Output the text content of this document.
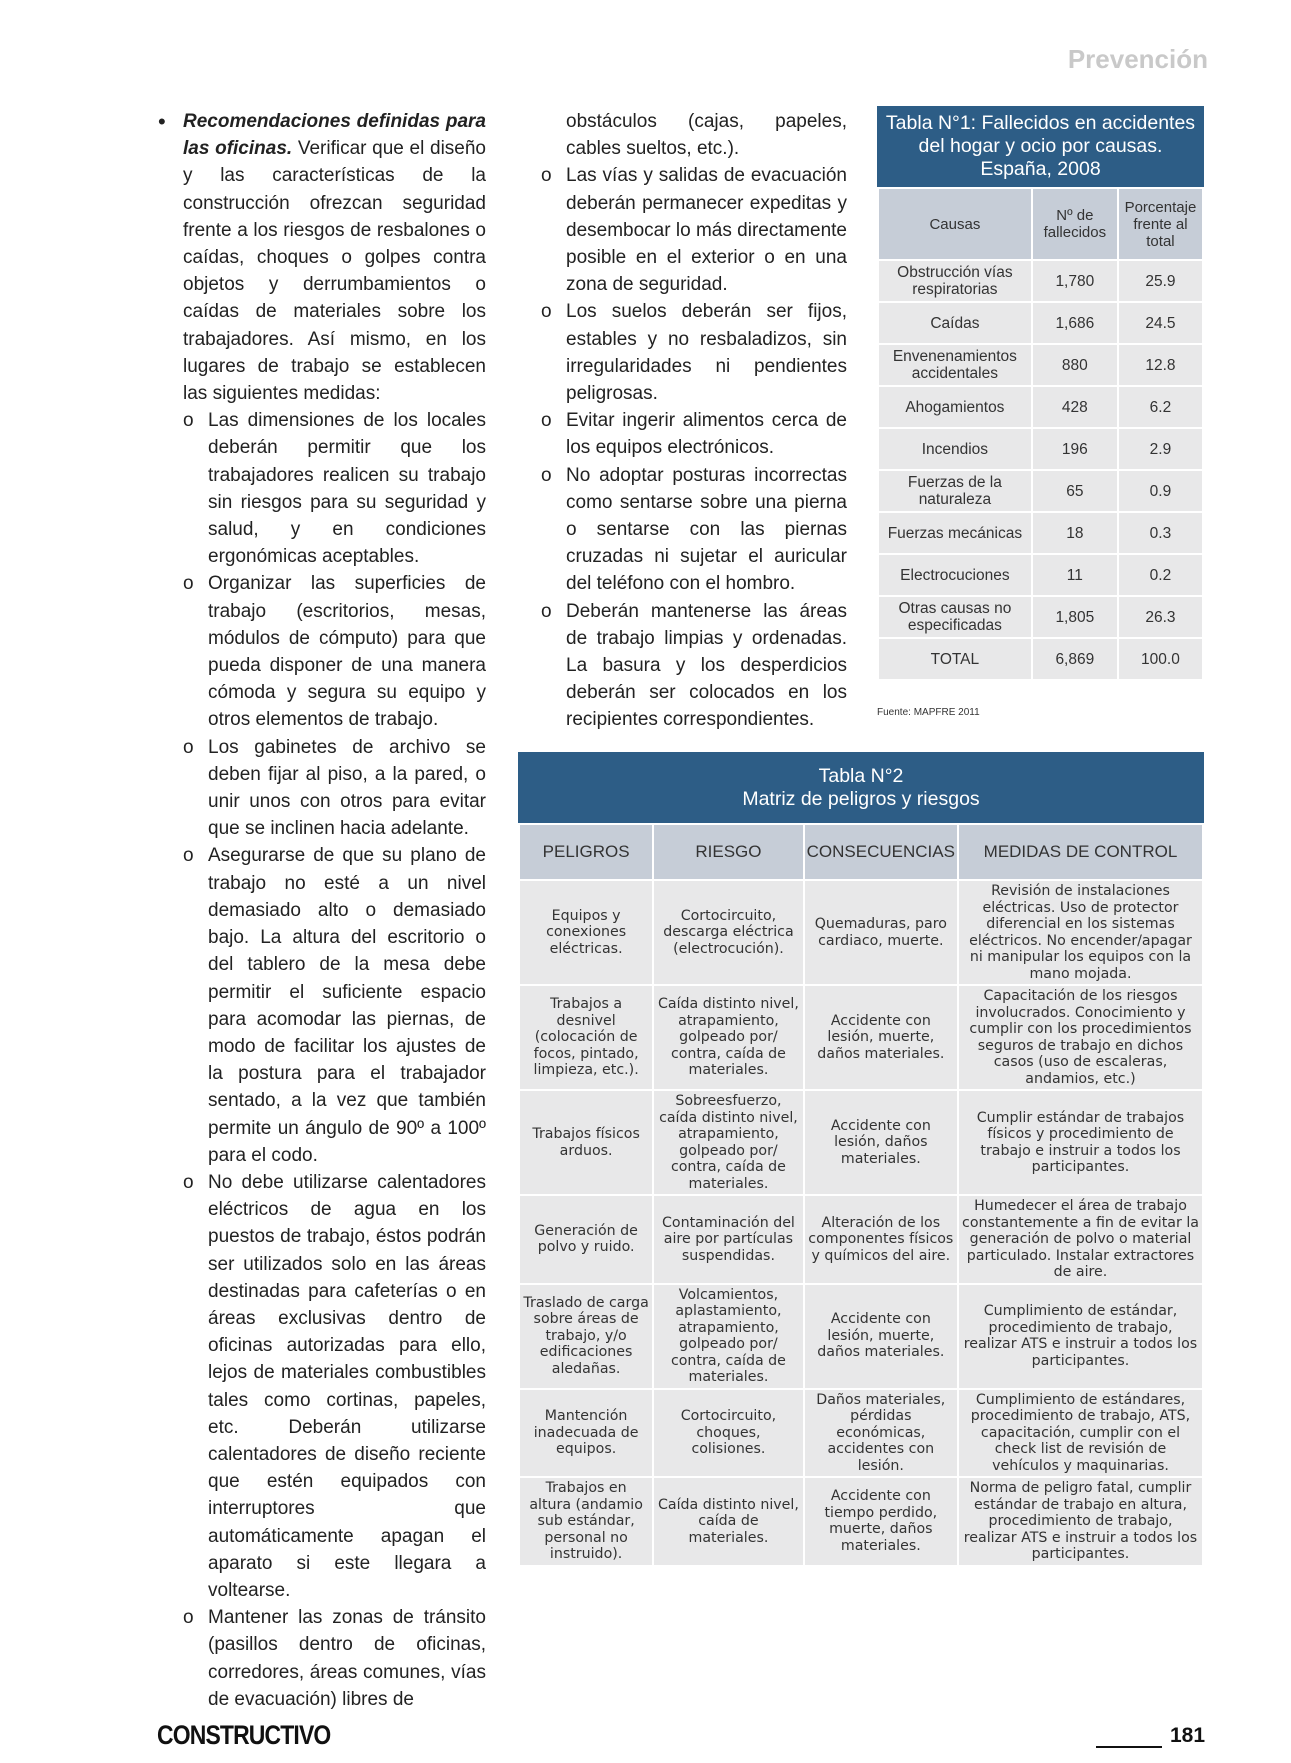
Prevención
• Recomendaciones definidas para las oficinas. Verificar que el diseño y las características de la construcción ofrezcan seguridad frente a los riesgos de resbalones o caídas, choques o golpes contra objetos y derrumbamientos o caídas de materiales sobre los trabajadores. Así mismo, en los lugares de trabajo se establecen las siguientes medidas:
o Las dimensiones de los locales deberán permitir que los trabajadores realicen su trabajo sin riesgos para su seguridad y salud, y en condiciones ergonómicas aceptables.
o Organizar las superficies de trabajo (escritorios, mesas, módulos de cómputo) para que pueda disponer de una manera cómoda y segura su equipo y otros elementos de trabajo.
o Los gabinetes de archivo se deben fijar al piso, a la pared, o unir unos con otros para evitar que se inclinen hacia adelante.
o Asegurarse de que su plano de trabajo no esté a un nivel demasiado alto o demasiado bajo. La altura del escritorio o del tablero de la mesa debe permitir el suficiente espacio para acomodar las piernas, de modo de facilitar los ajustes de la postura para el trabajador sentado, a la vez que también permite un ángulo de 90º a 100º para el codo.
o No debe utilizarse calentadores eléctricos de agua en los puestos de trabajo, éstos podrán ser utilizados solo en las áreas destinadas para cafeterías o en áreas exclusivas dentro de oficinas autorizadas para ello, lejos de materiales combustibles tales como cortinas, papeles, etc. Deberán utilizarse calentadores de diseño reciente que estén equipados con interruptores que automáticamente apagan el aparato si este llegara a voltearse.
o Mantener las zonas de tránsito (pasillos dentro de oficinas, corredores, áreas comunes, vías de evacuación) libres de
obstáculos (cajas, papeles, cables sueltos, etc.).
o Las vías y salidas de evacuación deberán permanecer expeditas y desembocar lo más directamente posible en el exterior o en una zona de seguridad.
o Los suelos deberán ser fijos, estables y no resbaladizos, sin irregularidades ni pendientes peligrosas.
o Evitar ingerir alimentos cerca de los equipos electrónicos.
o No adoptar posturas incorrectas como sentarse sobre una pierna o sentarse con las piernas cruzadas ni sujetar el auricular del teléfono con el hombro.
o Deberán mantenerse las áreas de trabajo limpias y ordenadas. La basura y los desperdicios deberán ser colocados en los recipientes correspondientes.
Tabla N°1: Fallecidos en accidentes del hogar y ocio por causas. España, 2008
Causas	Nº de fallecidos	Porcentaje frente al total
Obstrucción vías respiratorias	1,780	25.9
Caídas	1,686	24.5
Envenenamientos accidentales	880	12.8
Ahogamientos	428	6.2
Incendios	196	2.9
Fuerzas de la naturaleza	65	0.9
Fuerzas mecánicas	18	0.3
Electrocuciones	11	0.2
Otras causas no especificadas	1,805	26.3
TOTAL	6,869	100.0
Fuente: MAPFRE 2011
Tabla N°2
Matriz de peligros y riesgos
PELIGROS	RIESGO	CONSECUENCIAS	MEDIDAS DE CONTROL
Equipos y conexiones eléctricas.	Cortocircuito, descarga eléctrica (electrocución).	Quemaduras, paro cardiaco, muerte.	Revisión de instalaciones eléctricas. Uso de protector diferencial en los sistemas eléctricos. No encender/apagar ni manipular los equipos con la mano mojada.
Trabajos a desnivel (colocación de focos, pintado, limpieza, etc.).	Caída distinto nivel, atrapamiento, golpeado por/ contra, caída de materiales.	Accidente con lesión, muerte, daños materiales.	Capacitación de los riesgos involucrados. Conocimiento y cumplir con los procedimientos seguros de trabajo en dichos casos (uso de escaleras, andamios, etc.)
Trabajos físicos arduos.	Sobreesfuerzo, caída distinto nivel, atrapamiento, golpeado por/ contra, caída de materiales.	Accidente con lesión, daños materiales.	Cumplir estándar de trabajos físicos y procedimiento de trabajo e instruir a todos los participantes.
Generación de polvo y ruido.	Contaminación del aire por partículas suspendidas.	Alteración de los componentes físicos y químicos del aire.	Humedecer el área de trabajo constantemente a fin de evitar la generación de polvo o material particulado. Instalar extractores de aire.
Traslado de carga sobre áreas de trabajo, y/o edificaciones aledañas.	Volcamientos, aplastamiento, atrapamiento, golpeado por/ contra, caída de materiales.	Accidente con lesión, muerte, daños materiales.	Cumplimiento de estándar, procedimiento de trabajo, realizar ATS e instruir a todos los participantes.
Mantención inadecuada de equipos.	Cortocircuito, choques, colisiones.	Daños materiales, pérdidas económicas, accidentes con lesión.	Cumplimiento de estándares, procedimiento de trabajo, ATS, capacitación, cumplir con el check list de revisión de vehículos y maquinarias.
Trabajos en altura (andamio sub estándar, personal no instruido).	Caída distinto nivel, caída de materiales.	Accidente con tiempo perdido, muerte, daños materiales.	Norma de peligro fatal, cumplir estándar de trabajo en altura, procedimiento de trabajo, realizar ATS e instruir a todos los participantes.
CONSTRUCTIVO	181
